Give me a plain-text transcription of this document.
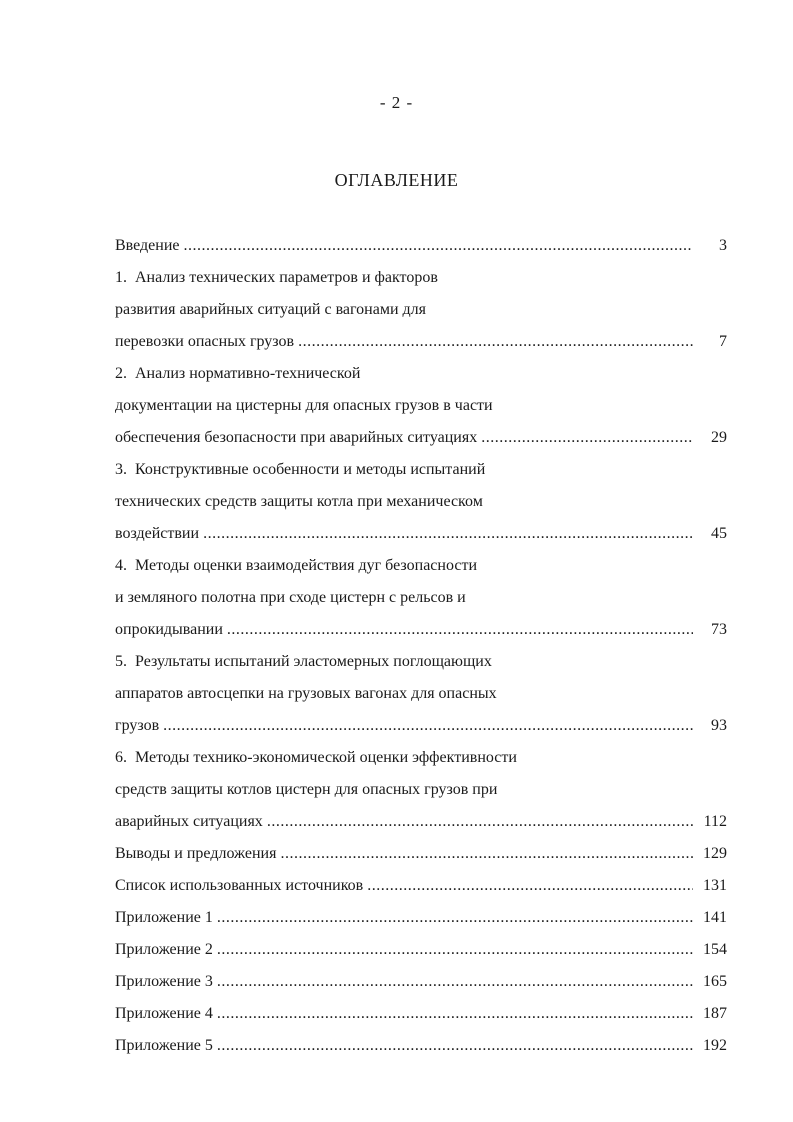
- 2 -
ОГЛАВЛЕНИЕ
Введение .....	3
1. Анализ технических параметров и факторов
развития аварийных ситуаций с вагонами для
перевозки опасных грузов .....	7
2. Анализ нормативно-технической
документации на цистерны для опасных грузов в части
обеспечения безопасности при аварийных ситуациях .....	29
3. Конструктивные особенности и методы испытаний
технических средств защиты котла при механическом
воздействии .....	45
4. Методы оценки взаимодействия дуг безопасности
и земляного полотна при сходе цистерн с рельсов и
опрокидывании .....	73
5. Результаты испытаний эластомерных поглощающих
аппаратов автосцепки на грузовых вагонах для опасных
грузов .....	93
6. Методы технико-экономической оценки эффективности
средств защиты котлов цистерн для опасных грузов при
аварийных ситуациях .....	112
Выводы и предложения .....	129
Список использованных источников .....	131
Приложение 1 .....	141
Приложение 2 .....	154
Приложение 3 .....	165
Приложение 4 .....	187
Приложение 5 .....	192
